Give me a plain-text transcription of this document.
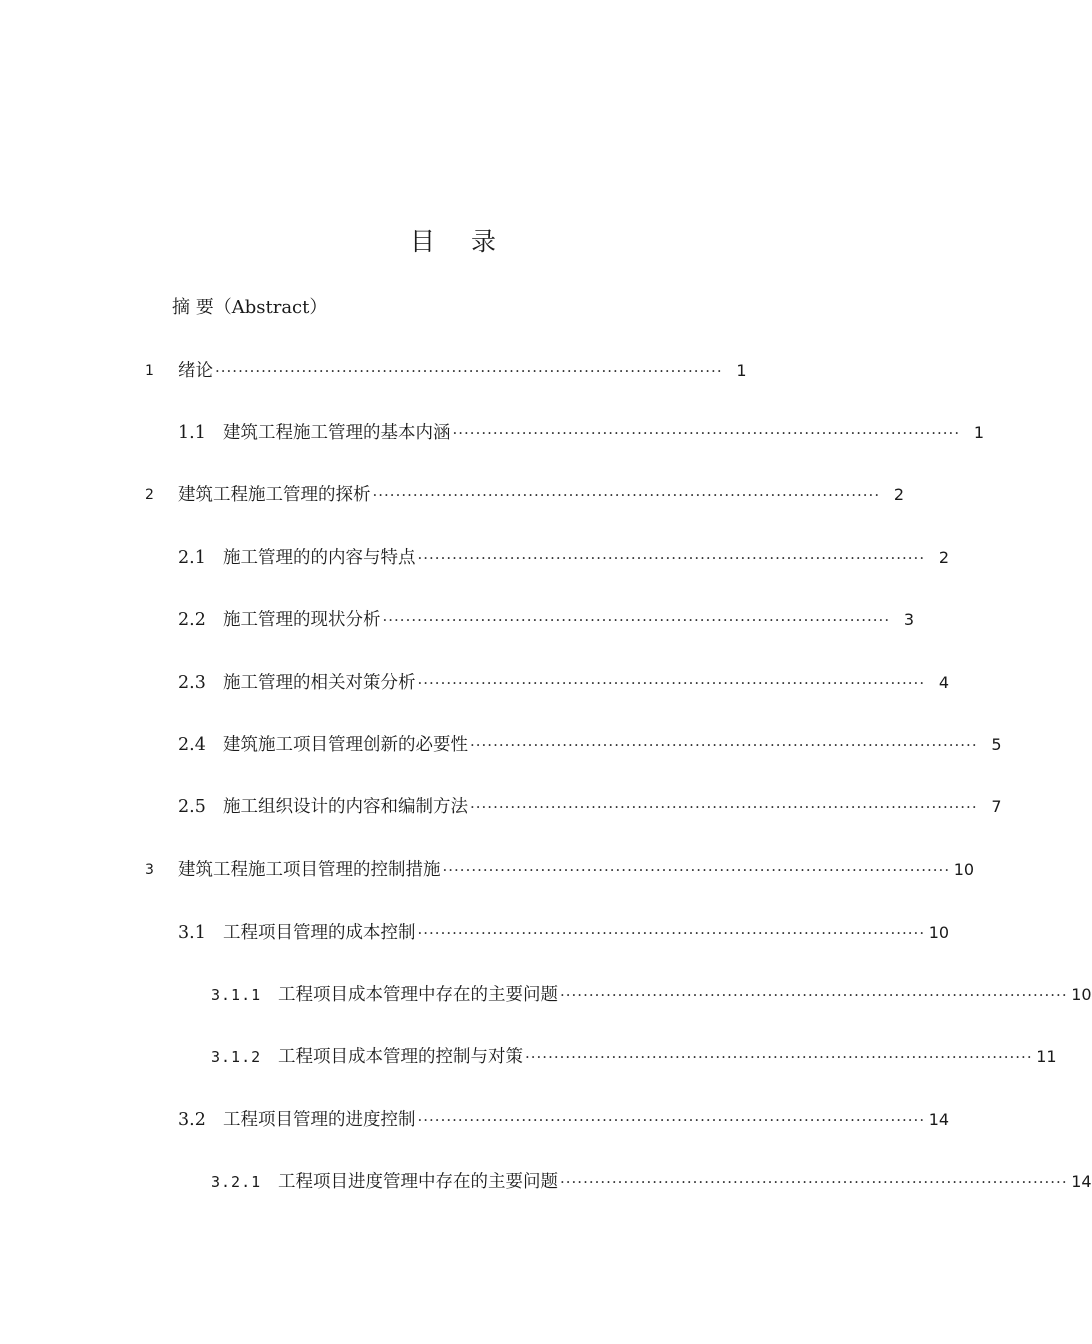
目 录
摘 要（Abstract）
1 绪论 ························································································ 1
1.1 建筑工程施工管理的基本内涵 ························································································ 1
2 建筑工程施工管理的探析 ························································································ 2
2.1 施工管理的的内容与特点 ························································································ 2
2.2 施工管理的现状分析 ························································································ 3
2.3 施工管理的相关对策分析 ························································································ 4
2.4 建筑施工项目管理创新的必要性 ························································································ 5
2.5 施工组织设计的内容和编制方法 ························································································ 7
3 建筑工程施工项目管理的控制措施 ························································································ 10
3.1 工程项目管理的成本控制 ························································································ 10
3.1.1 工程项目成本管理中存在的主要问题 ························································································ 10
3.1.2 工程项目成本管理的控制与对策 ························································································ 11
3.2 工程项目管理的进度控制 ························································································ 14
3.2.1 工程项目进度管理中存在的主要问题 ························································································ 14
